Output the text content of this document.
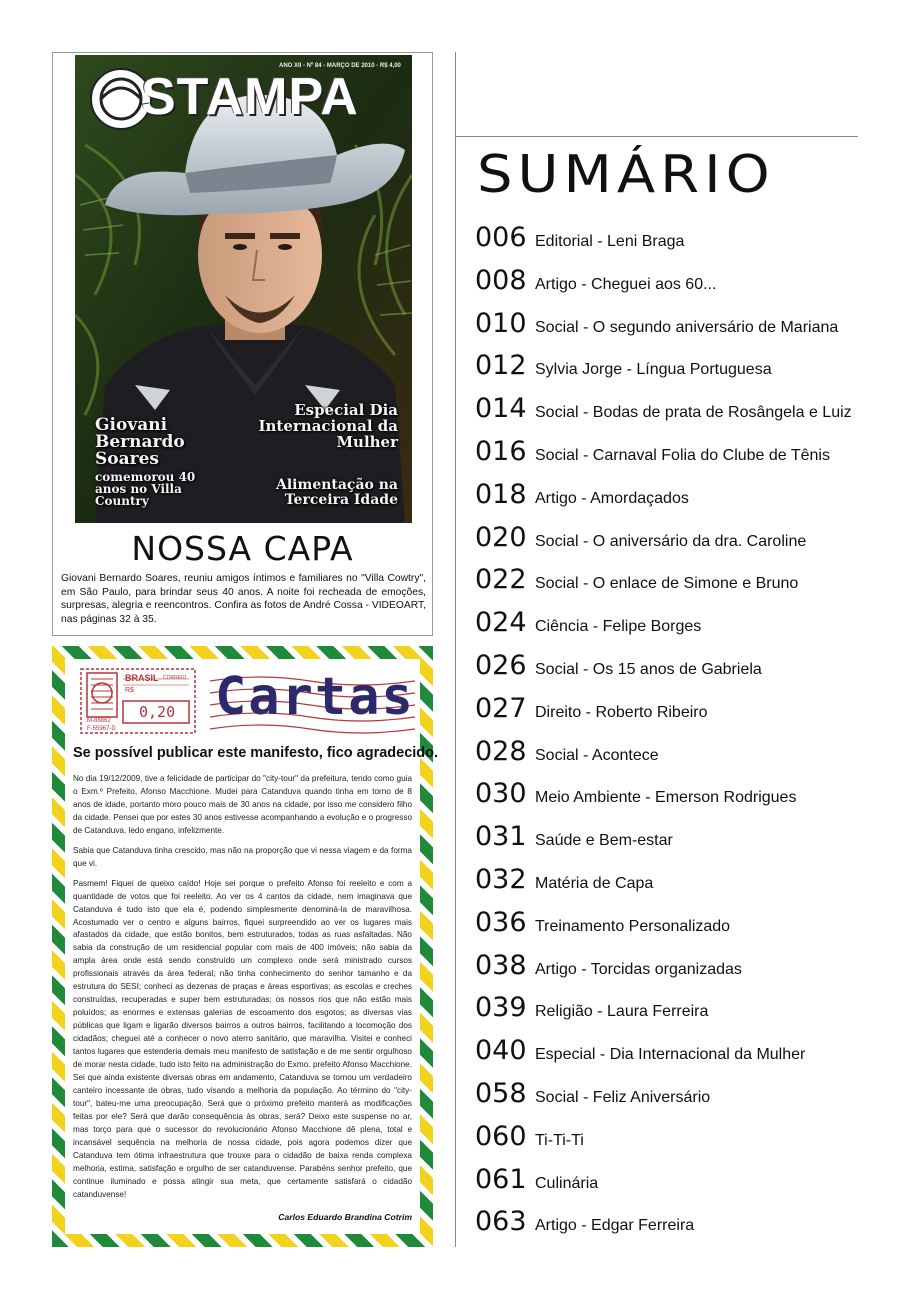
ANO XII - Nº 84 - MARÇO DE 2010 - R$ 4,00
STAMPA
Giovani Bernardo Soares
comemorou 40 anos no Villa Country
Especial Dia Internacional da Mulher
Alimentação na Terceira Idade
NOSSA CAPA
Giovani Bernardo Soares, reuniu amigos íntimos e familiares no "Villa Cowtry", em São Paulo, para brindar seus 40 anos. A noite foi recheada de emoções, surpresas, alegria e reencontros. Confira as fotos de André Cossa - VIDEOART, nas páginas 32 à 35.
BRASIL CORREIO
R$
0,20
M-88862
F-55967-D
Cartas
Se possível publicar este manifesto, fico agradecido.

No dia 19/12/2009, tive a felicidade de participar do "city-tour" da prefeitura, tendo como guia o Exm.º Prefeito, Afonso Macchione. Mudei para Catanduva quando tinha em torno de 8 anos de idade, portanto moro pouco mais de 30 anos na cidade, por isso me considero filho da cidade. Pensei que por estes 30 anos estivesse acompanhando a evolução e o progresso de Catanduva, ledo engano, infelizmente.

Sabia que Catanduva tinha crescido, mas não na proporção que vi nessa viagem e da forma que vi.

Pasmem! Fiquei de queixo caído! Hoje sei porque o prefeito Afonso foi reeleito e com a quantidade de votos que foi reeleito. Ao ver os 4 cantos da cidade, nem imaginava que Catanduva é tudo isto que ela é, podendo simplesmente denominá-la de maravilhosa. Acostumado ver o centro e alguns bairros, fiquei surpreendido ao ver os lugares mais afastados da cidade, que estão bonitos, bem estruturados, todas as ruas asfaltadas. Não sabia da construção de um residencial popular com mais de 400 imóveis; não sabia da ampla área onde está sendo construído um complexo onde será ministrado cursos profissionais através da área federal; não tinha conhecimento do senhor tamanho e da estrutura do SESI; conheci as dezenas de praças e áreas esportivas; as escolas e creches construídas, recuperadas e super bem estruturadas; os nossos rios que não estão mais poluídos; as enormes e extensas galerias de escoamento dos esgotos; as diversas vias públicas que ligam e ligarão diversos bairros a outros bairros, facilitando a locomoção dos cidadãos; cheguei até a conhecer o novo aterro sanitário, que maravilha. Visitei e conheci tantos lugares que estenderia demais meu manifesto de satisfação e de me sentir orgulhoso de morar nesta cidade, tudo isto feito na administração do Exmo. prefeito Afonso Macchione. Sei que ainda existente diversas obras em andamento, Catanduva se tornou um verdadeiro canteiro incessante de obras, tudo visando a melhoria da população. Ao término do "city-tour", bateu-me uma preocupação. Será que o próximo prefeito manterá as modificações feitas por ele? Será que darão consequência às obras, será? Deixo este suspense no ar, mas torço para que o sucessor do revolucionário Afonso Macchione dê plena, total e incansável sequência na melhoria de nossa cidade, pois agora podemos dizer que Catanduva tem ótima infraestrutura que trouxe para o cidadão de baixa renda complexa melhoria, estima, satisfação e orgulho de ser catanduvense. Parabéns senhor prefeito, que continue iluminado e possa atingir sua meta, que certamente satisfará o cidadão catanduvense!

Carlos Eduardo Brandina Cotrim
SUMÁRIO
006 Editorial - Leni Braga
008 Artigo - Cheguei aos 60...
010 Social - O segundo aniversário de Mariana
012 Sylvia Jorge - Língua Portuguesa
014 Social - Bodas de prata de Rosângela e Luiz
016 Social - Carnaval Folia do Clube de Tênis
018 Artigo - Amordaçados
020 Social - O aniversário da dra. Caroline
022 Social - O enlace de Simone e Bruno
024 Ciência - Felipe Borges
026 Social - Os 15 anos de Gabriela
027 Direito - Roberto Ribeiro
028 Social - Acontece
030 Meio Ambiente - Emerson Rodrigues
031 Saúde e Bem-estar
032 Matéria de Capa
036 Treinamento Personalizado
038 Artigo - Torcidas organizadas
039 Religião - Laura Ferreira
040 Especial - Dia Internacional da Mulher
058 Social - Feliz Aniversário
060 Ti-Ti-Ti
061 Culinária
063 Artigo - Edgar Ferreira
